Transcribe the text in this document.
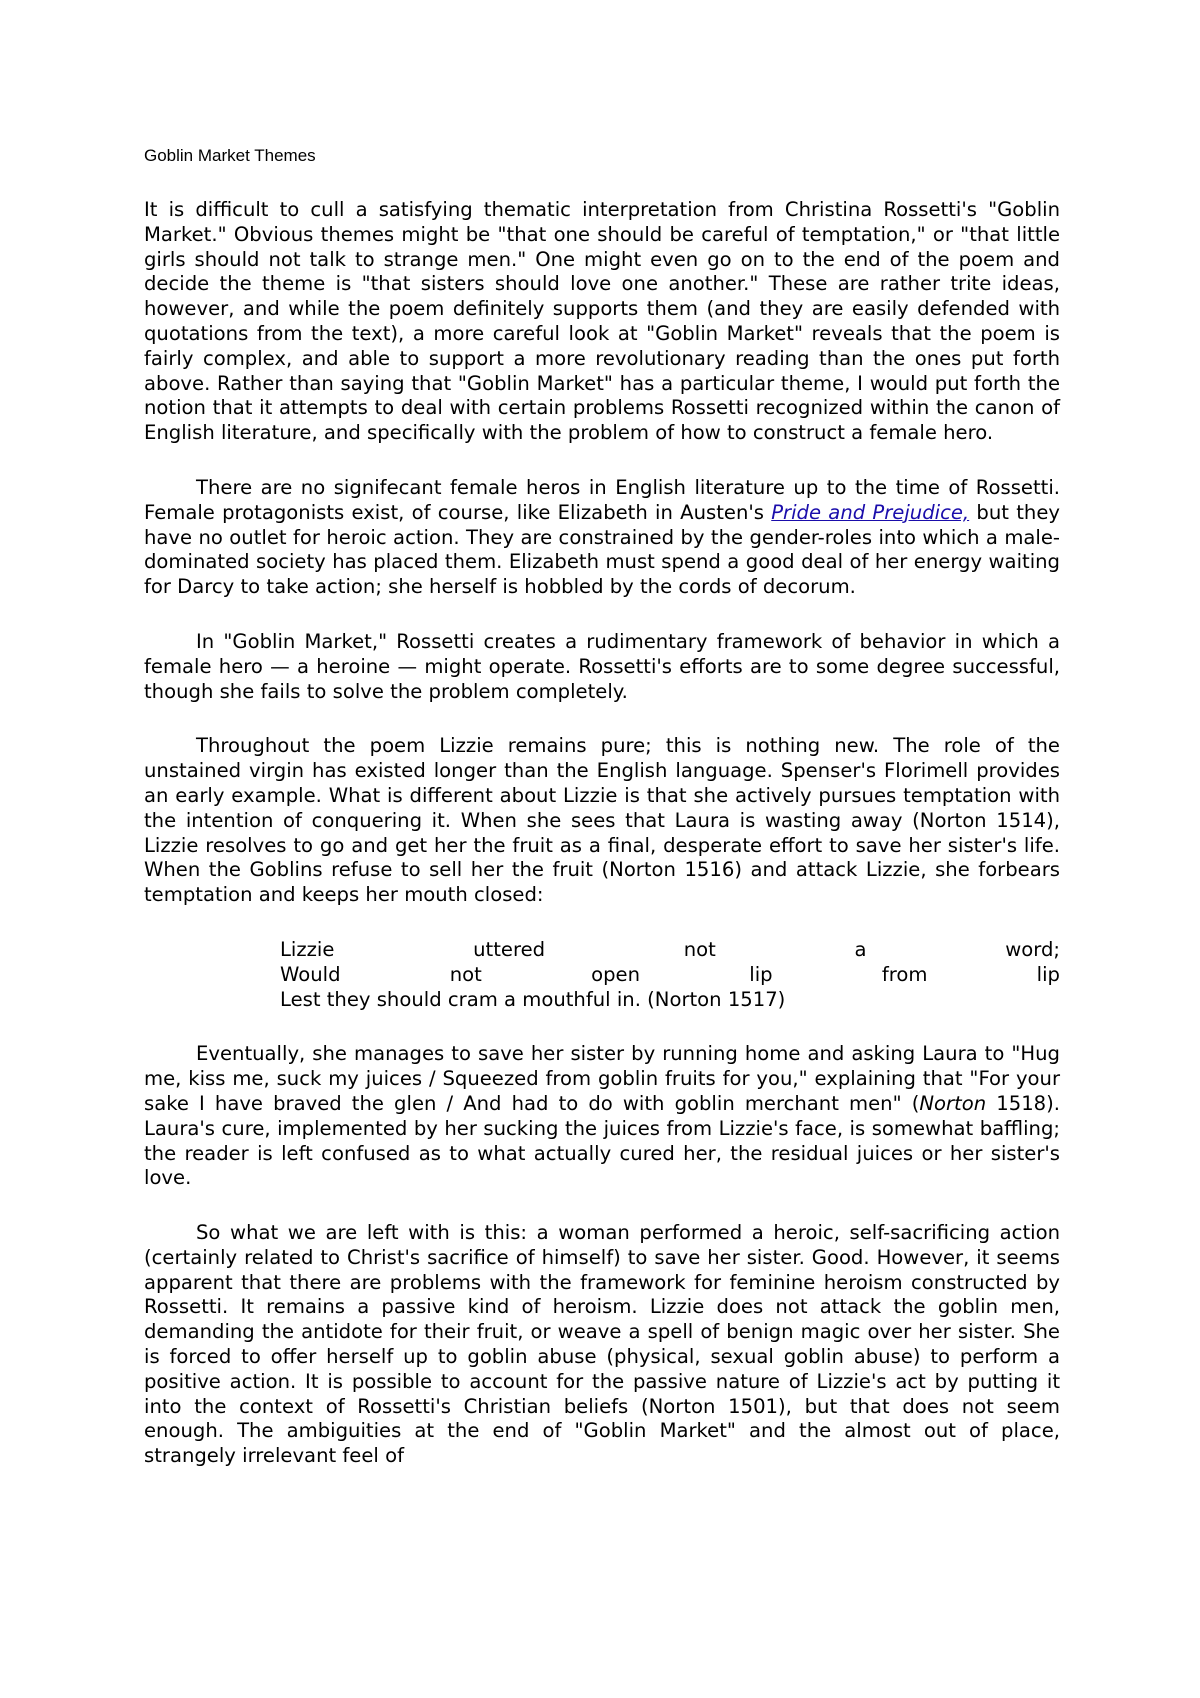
Goblin Market Themes

It is difficult to cull a satisfying thematic interpretation from Christina Rossetti's "Goblin Market." Obvious themes might be "that one should be careful of temptation," or "that little girls should not talk to strange men." One might even go on to the end of the poem and decide the theme is "that sisters should love one another." These are rather trite ideas, however, and while the poem definitely supports them (and they are easily defended with quotations from the text), a more careful look at "Goblin Market" reveals that the poem is fairly complex, and able to support a more revolutionary reading than the ones put forth above. Rather than saying that "Goblin Market" has a particular theme, I would put forth the notion that it attempts to deal with certain problems Rossetti recognized within the canon of English literature, and specifically with the problem of how to construct a female hero.

There are no signifecant female heros in English literature up to the time of Rossetti. Female protagonists exist, of course, like Elizabeth in Austen's Pride and Prejudice, but they have no outlet for heroic action. They are constrained by the gender-roles into which a male-dominated society has placed them. Elizabeth must spend a good deal of her energy waiting for Darcy to take action; she herself is hobbled by the cords of decorum.

In "Goblin Market," Rossetti creates a rudimentary framework of behavior in which a female hero — a heroine — might operate. Rossetti's efforts are to some degree successful, though she fails to solve the problem completely.

Throughout the poem Lizzie remains pure; this is nothing new. The role of the unstained virgin has existed longer than the English language. Spenser's Florimell provides an early example. What is different about Lizzie is that she actively pursues temptation with the intention of conquering it. When she sees that Laura is wasting away (Norton 1514), Lizzie resolves to go and get her the fruit as a final, desperate effort to save her sister's life. When the Goblins refuse to sell her the fruit (Norton 1516) and attack Lizzie, she forbears temptation and keeps her mouth closed:

Lizzie uttered not a word;
Would not open lip from lip
Lest they should cram a mouthful in. (Norton 1517)

Eventually, she manages to save her sister by running home and asking Laura to "Hug me, kiss me, suck my juices / Squeezed from goblin fruits for you," explaining that "For your sake I have braved the glen / And had to do with goblin merchant men" (Norton 1518). Laura's cure, implemented by her sucking the juices from Lizzie's face, is somewhat baffling; the reader is left confused as to what actually cured her, the residual juices or her sister's love.

So what we are left with is this: a woman performed a heroic, self-sacrificing action (certainly related to Christ's sacrifice of himself) to save her sister. Good. However, it seems apparent that there are problems with the framework for feminine heroism constructed by Rossetti. It remains a passive kind of heroism. Lizzie does not attack the goblin men, demanding the antidote for their fruit, or weave a spell of benign magic over her sister. She is forced to offer herself up to goblin abuse (physical, sexual goblin abuse) to perform a positive action. It is possible to account for the passive nature of Lizzie's act by putting it into the context of Rossetti's Christian beliefs (Norton 1501), but that does not seem enough. The ambiguities at the end of "Goblin Market" and the almost out of place, strangely irrelevant feel of
